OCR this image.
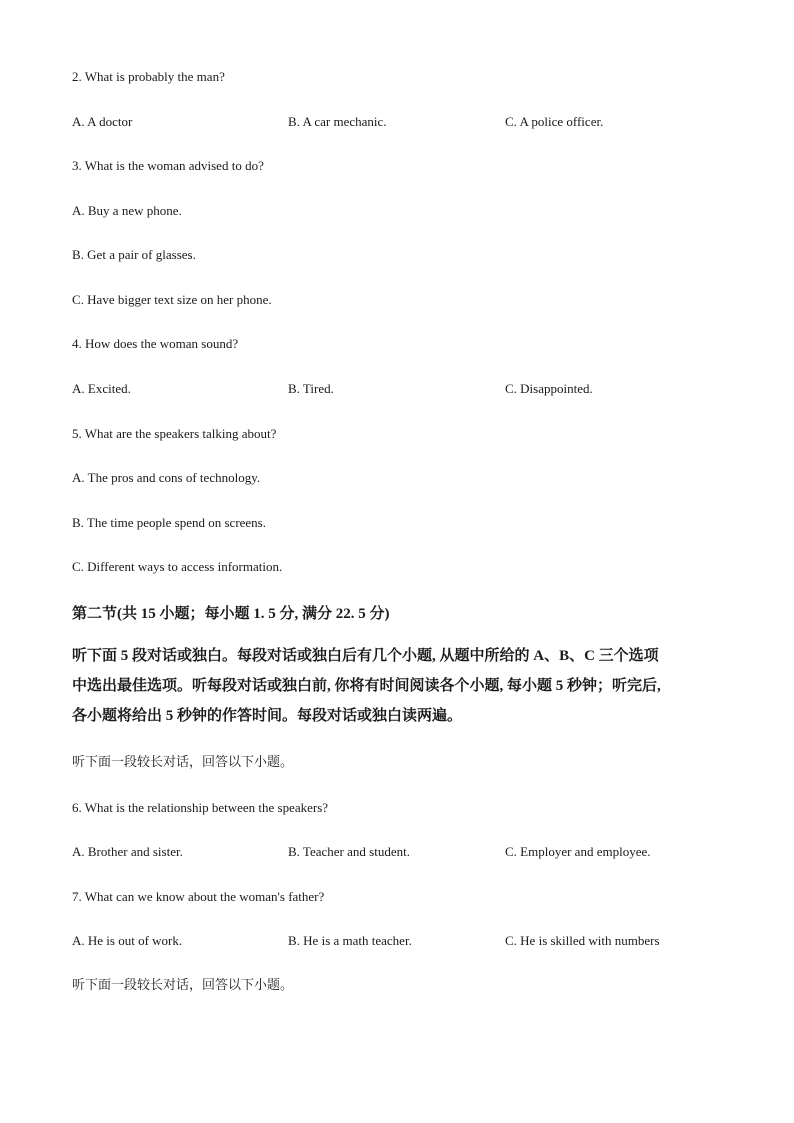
2. What is probably the man?
A. A doctor	B. A car mechanic.	C. A police officer.
3. What is the woman advised to do?
A. Buy a new phone.
B. Get a pair of glasses.
C. Have bigger text size on her phone.
4. How does the woman sound?
A. Excited.	B. Tired.	C. Disappointed.
5. What are the speakers talking about?
A. The pros and cons of technology.
B. The time people spend on screens.
C. Different ways to access information.
第二节(共 15 小题；每小题 1. 5 分, 满分 22. 5 分)
听下面 5 段对话或独白。每段对话或独白后有几个小题, 从题中所给的 A、B、C 三个选项
中选出最佳选项。听每段对话或独白前, 你将有时间阅读各个小题, 每小题 5 秒钟；听完后,
各小题将给出 5 秒钟的作答时间。每段对话或独白读两遍。
听下面一段较长对话，回答以下小题。
6. What is the relationship between the speakers?
A. Brother and sister.	B. Teacher and student.	C. Employer and employee.
7. What can we know about the woman's father?
A. He is out of work.	B. He is a math teacher.	C. He is skilled with numbers
听下面一段较长对话，回答以下小题。
